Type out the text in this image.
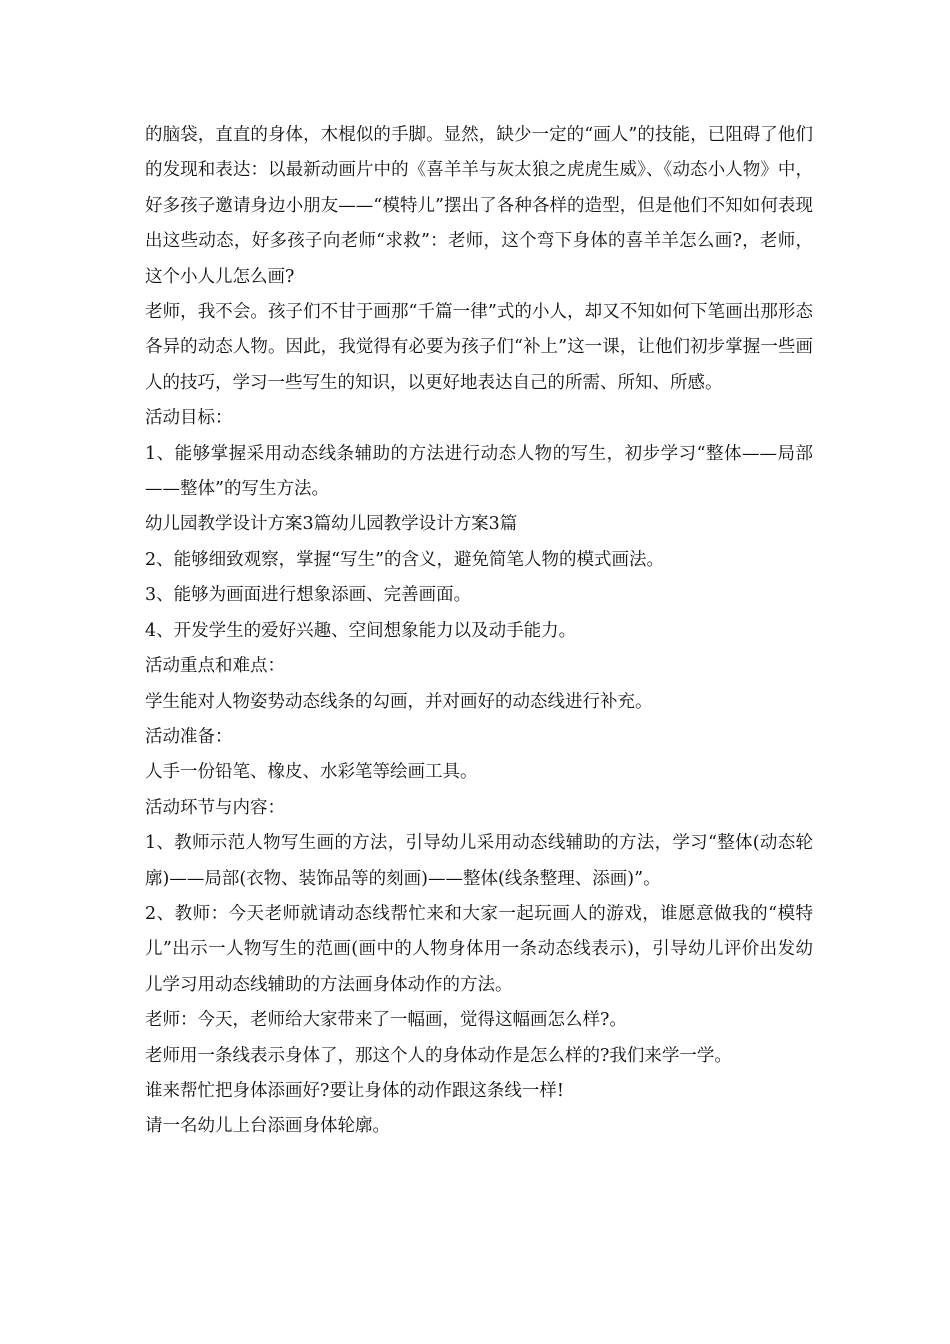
的脑袋，直直的身体，木棍似的手脚。显然，缺少一定的“画人”的技能，已阻碍了他们的发现和表达：以最新动画片中的《喜羊羊与灰太狼之虎虎生威》、《动态小人物》中，好多孩子邀请身边小朋友——“模特儿”摆出了各种各样的造型，但是他们不知如何表现出这些动态，好多孩子向老师“求救”：老师，这个弯下身体的喜羊羊怎么画?，老师，这个小人儿怎么画?

老师，我不会。孩子们不甘于画那“千篇一律”式的小人，却又不知如何下笔画出那形态各异的动态人物。因此，我觉得有必要为孩子们“补上”这一课，让他们初步掌握一些画人的技巧，学习一些写生的知识，以更好地表达自己的所需、所知、所感。

活动目标：

1、能够掌握采用动态线条辅助的方法进行动态人物的写生，初步学习“整体——局部——整体”的写生方法。

幼儿园教学设计方案3篇幼儿园教学设计方案3篇

2、能够细致观察，掌握“写生”的含义，避免简笔人物的模式画法。

3、能够为画面进行想象添画、完善画面。

4、开发学生的爱好兴趣、空间想象能力以及动手能力。

活动重点和难点：

学生能对人物姿势动态线条的勾画，并对画好的动态线进行补充。

活动准备：

人手一份铅笔、橡皮、水彩笔等绘画工具。

活动环节与内容：

1、教师示范人物写生画的方法，引导幼儿采用动态线辅助的方法，学习“整体(动态轮廓)——局部(衣物、装饰品等的刻画)——整体(线条整理、添画)”。

2、教师：今天老师就请动态线帮忙来和大家一起玩画人的游戏，谁愿意做我的“模特儿”出示一人物写生的范画(画中的人物身体用一条动态线表示)，引导幼儿评价出发幼儿学习用动态线辅助的方法画身体动作的方法。

老师：今天，老师给大家带来了一幅画，觉得这幅画怎么样?。

老师用一条线表示身体了，那这个人的身体动作是怎么样的?我们来学一学。

谁来帮忙把身体添画好?要让身体的动作跟这条线一样!

请一名幼儿上台添画身体轮廓。
